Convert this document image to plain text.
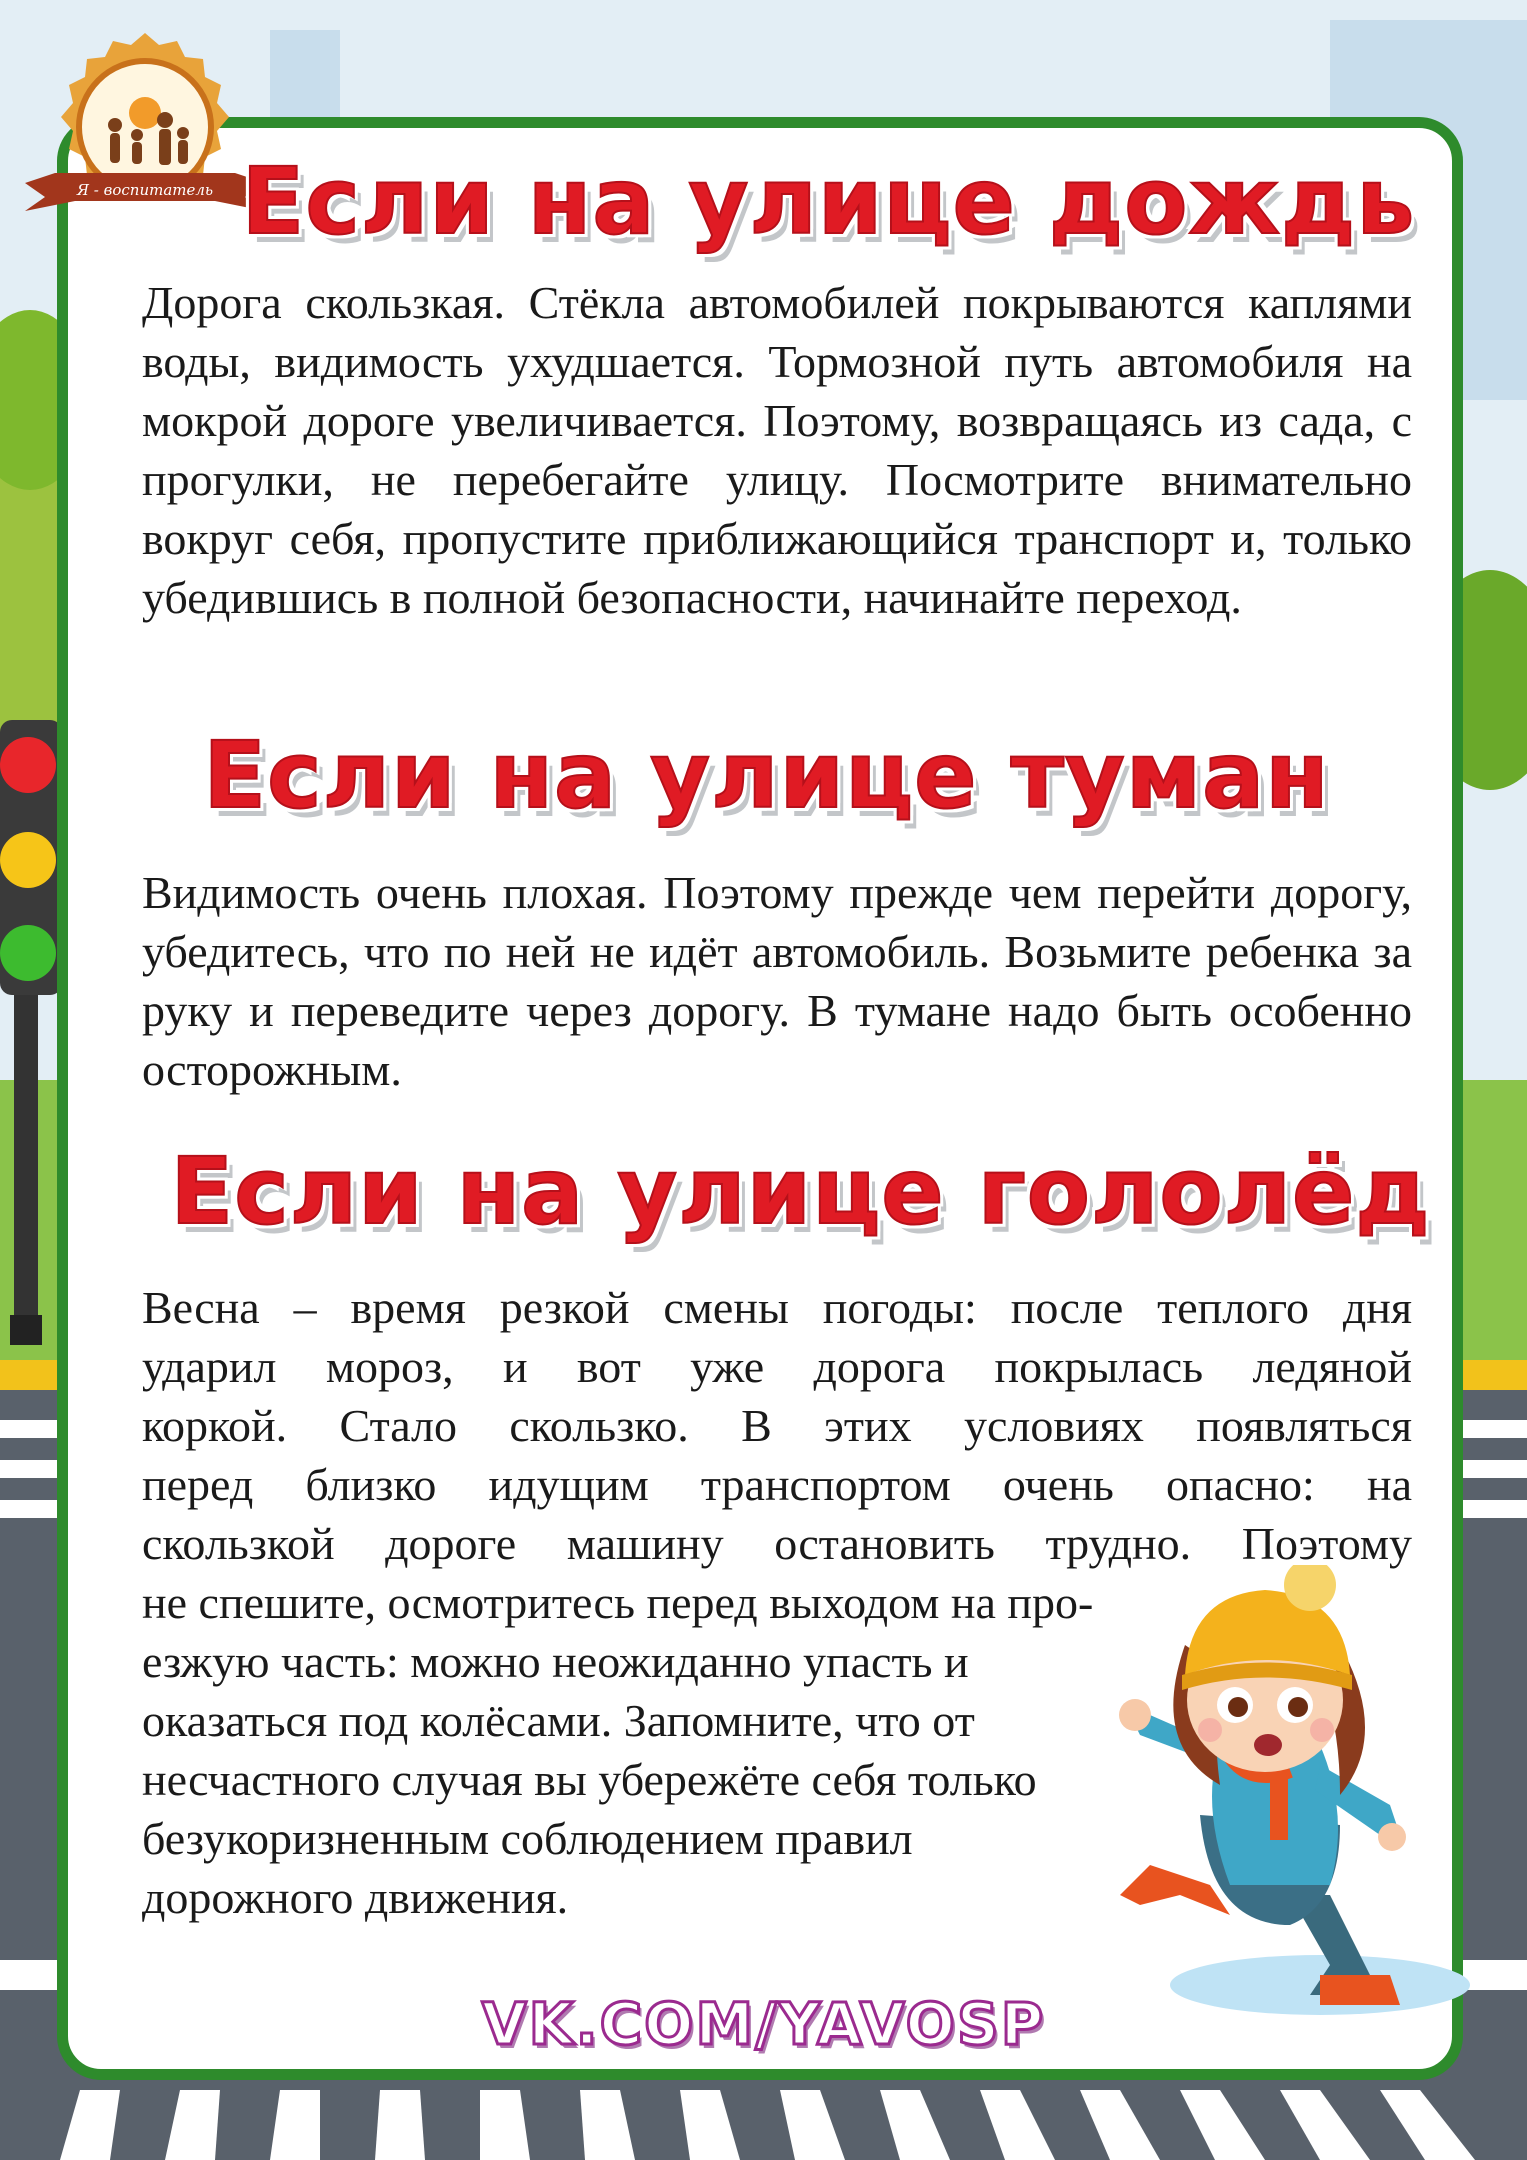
Я - воспитатель Если на улице дождь

Дорога скользкая. Стёкла автомобилей покрываются каплями воды, видимость ухудшается. Тормозной путь автомобиля на мокрой дороге увеличивается. Поэтому, возвращаясь из сада, с прогулки, не перебегайте улицу. Посмотрите внимательно вокруг себя, пропустите приближающийся транспорт и, только убедившись в полной безопасности, начинайте переход.

Если на улице туман

Видимость очень плохая. Поэтому прежде чем перейти дорогу, убедитесь, что по ней не идёт автомобиль. Возьмите ребенка за руку и переведите через дорогу. В тумане надо быть особенно осторожным.

Если на улице гололёд
Весна – время резкой смены погоды: после теплого дня
ударил мороз, и вот уже дорога покрылась ледяной
коркой. Стало скользко. В этих условиях появляться
перед близко идущим транспортом очень опасно: на
скользкой дороге машину остановить трудно. Поэтому
не спешите, осмотритесь перед выходом на про-
езжую часть: можно неожиданно упасть и
оказаться под колёсами. Запомните, что от
несчастного случая вы убережёте себя только
безукоризненным соблюдением правил
дорожного движения.
VK.COM/YAVOSP
